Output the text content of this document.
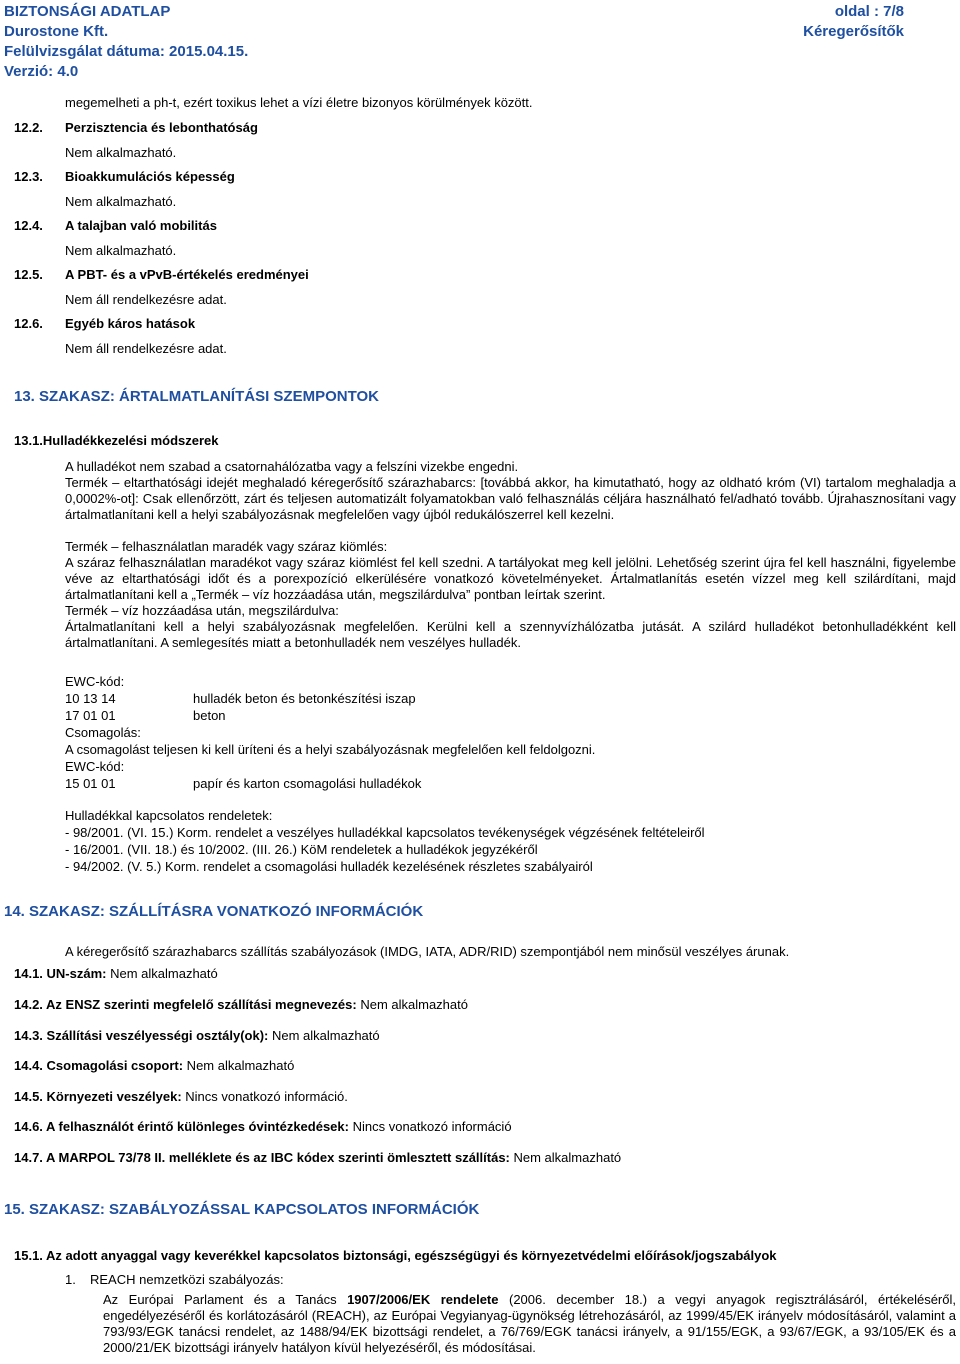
BIZTONSÁGI ADATLAP	oldal : 7/8
Durostone Kft.	Kéregerősítők
Felülvizsgálat dátuma: 2015.04.15.
Verzió: 4.0
megemelheti a ph-t, ezért toxikus lehet a vízi életre bizonyos körülmények között.
12.2. Perzisztencia és lebonthatóság
Nem alkalmazható.
12.3. Bioakkumulációs képesség
Nem alkalmazható.
12.4. A talajban való mobilitás
Nem alkalmazható.
12.5. A PBT- és a vPvB-értékelés eredményei
Nem áll rendelkezésre adat.
12.6. Egyéb káros hatások
Nem áll rendelkezésre adat.
13. SZAKASZ: ÁRTALMATLANÍTÁSI SZEMPONTOK
13.1.Hulladékkezelési módszerek

A hulladékot nem szabad a csatornahálózatba vagy a felszíni vizekbe engedni.

Termék – eltarthatósági idejét meghaladó kéregerősítő szárazhabarcs: [továbbá akkor, ha kimutatható, hogy az oldható króm (VI) tartalom meghaladja a 0,0002%-ot]: Csak ellenőrzött, zárt és teljesen automatizált folyamatokban való felhasználás céljára használható fel/adható tovább. Újrahasznosítani vagy ártalmatlanítani kell a helyi szabályozásnak megfelelően vagy újból redukálószerrel kell kezelni.

Termék – felhasználatlan maradék vagy száraz kiömlés:

A száraz felhasználatlan maradékot vagy száraz kiömlést fel kell szedni. A tartályokat meg kell jelölni. Lehetőség szerint újra fel kell használni, figyelembe véve az eltarthatósági időt és a porexpozíció elkerülésére vonatkozó követelményeket. Ártalmatlanítás esetén vízzel meg kell szilárdítani, majd ártalmatlanítani kell a „Termék – víz hozzáadása után, megszilárdulva” pontban leírtak szerint.

Termék – víz hozzáadása után, megszilárdulva:

Ártalmatlanítani kell a helyi szabályozásnak megfelelően. Kerülni kell a szennyvízhálózatba jutását. A szilárd hulladékot betonhulladékként kell ártalmatlanítani. A semlegesítés miatt a betonhulladék nem veszélyes hulladék.

EWC-kód:
10 13 14	hulladék beton és betonkészítési iszap
17 01 01	beton
Csomagolás:
A csomagolást teljesen ki kell üríteni és a helyi szabályozásnak megfelelően kell feldolgozni.
EWC-kód:
15 01 01	papír és karton csomagolási hulladékok
Hulladékkal kapcsolatos rendeletek:
- 98/2001. (VI. 15.) Korm. rendelet a veszélyes hulladékkal kapcsolatos tevékenységek végzésének feltételeiről
- 16/2001. (VII. 18.) és 10/2002. (III. 26.) KöM rendeletek a hulladékok jegyzékéről
- 94/2002. (V. 5.) Korm. rendelet a csomagolási hulladék kezelésének részletes szabályairól
14. SZAKASZ: SZÁLLÍTÁSRA VONATKOZÓ INFORMÁCIÓK
A kéregerősítő szárazhabarcs szállítás szabályozások (IMDG, IATA, ADR/RID) szempontjából nem minősül veszélyes árunak.
14.1. UN-szám: Nem alkalmazható
14.2. Az ENSZ szerinti megfelelő szállítási megnevezés: Nem alkalmazható
14.3. Szállítási veszélyességi osztály(ok): Nem alkalmazható
14.4. Csomagolási csoport: Nem alkalmazható
14.5. Környezeti veszélyek: Nincs vonatkozó információ.
14.6. A felhasználót érintő különleges óvintézkedések: Nincs vonatkozó információ
14.7. A MARPOL 73/78 II. melléklete és az IBC kódex szerinti ömlesztett szállítás: Nem alkalmazható
15. SZAKASZ: SZABÁLYOZÁSSAL KAPCSOLATOS INFORMÁCIÓK
15.1. Az adott anyaggal vagy keverékkel kapcsolatos biztonsági, egészségügyi és környezetvédelmi előírások/jogszabályok
1. REACH nemzetközi szabályozás:
Az Európai Parlament és a Tanács 1907/2006/EK rendelete (2006. december 18.) a vegyi anyagok regisztrálásáról, értékeléséről, engedélyezéséről és korlátozásáról (REACH), az Európai Vegyianyag-ügynökség létrehozásáról, az 1999/45/EK irányelv módosításáról, valamint a 793/93/EGK tanácsi rendelet, az 1488/94/EK bizottsági rendelet, a 76/769/EGK tanácsi irányelv, a 91/155/EGK, a 93/67/EGK, a 93/105/EK és a 2000/21/EK bizottsági irányelv hatályon kívül helyezéséről, és módosításai.
